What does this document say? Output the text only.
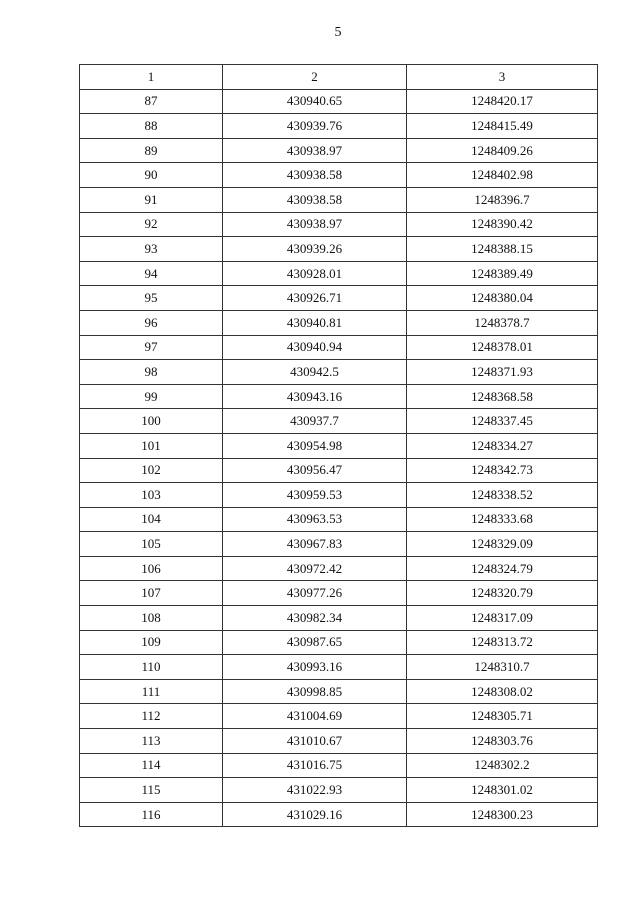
5
1	2	3
87	430940.65	1248420.17
88	430939.76	1248415.49
89	430938.97	1248409.26
90	430938.58	1248402.98
91	430938.58	1248396.7
92	430938.97	1248390.42
93	430939.26	1248388.15
94	430928.01	1248389.49
95	430926.71	1248380.04
96	430940.81	1248378.7
97	430940.94	1248378.01
98	430942.5	1248371.93
99	430943.16	1248368.58
100	430937.7	1248337.45
101	430954.98	1248334.27
102	430956.47	1248342.73
103	430959.53	1248338.52
104	430963.53	1248333.68
105	430967.83	1248329.09
106	430972.42	1248324.79
107	430977.26	1248320.79
108	430982.34	1248317.09
109	430987.65	1248313.72
110	430993.16	1248310.7
111	430998.85	1248308.02
112	431004.69	1248305.71
113	431010.67	1248303.76
114	431016.75	1248302.2
115	431022.93	1248301.02
116	431029.16	1248300.23
